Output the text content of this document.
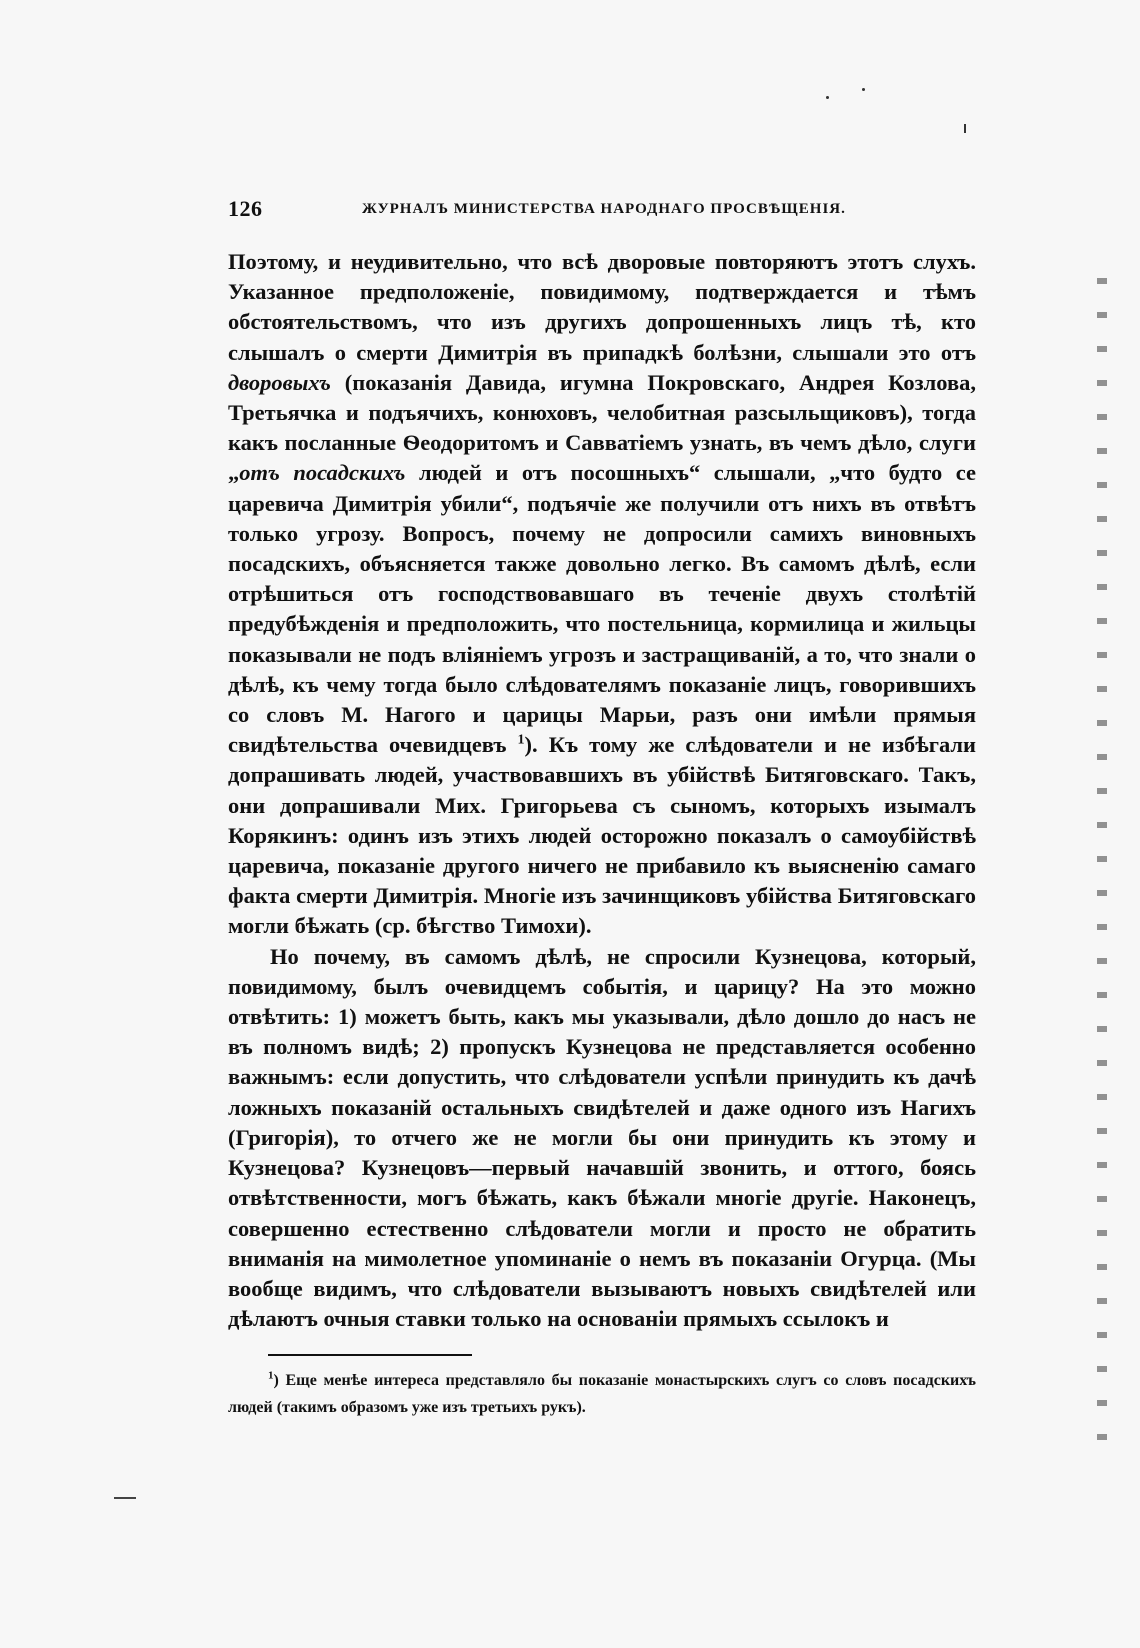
126	ЖУРНАЛЪ МИНИСТЕРСТВА НАРОДНАГО ПРОСВѢЩЕНІЯ.

Поэтому, и неудивительно, что всѣ дворовые повторяютъ этотъ слухъ. Указанное предположеніе, повидимому, подтверждается и тѣмъ обстоятельствомъ, что изъ другихъ допрошенныхъ лицъ тѣ, кто слышалъ о смерти Димитрія въ припадкѣ болѣзни, слышали это отъ дворовыхъ (показанія Давида, игумна Покровскаго, Андрея Козлова, Третьячка и подъячихъ, конюховъ, челобитная разсыльщиковъ), тогда какъ посланные Ѳеодоритомъ и Савватіемъ узнать, въ чемъ дѣло, слуги „отъ посадскихъ людей и отъ посошныхъ“ слышали, „что будто се царевича Димитрія убили“, подъячіе же получили отъ нихъ въ отвѣтъ только угрозу. Вопросъ, почему не допросили самихъ виновныхъ посадскихъ, объясняется также довольно легко. Въ самомъ дѣлѣ, если отрѣшиться отъ господствовавшаго въ теченіе двухъ столѣтій предубѣжденія и предположить, что постельница, кормилица и жильцы показывали не подъ вліяніемъ угрозъ и застращиваній, а то, что знали о дѣлѣ, къ чему тогда было слѣдователямъ показаніе лицъ, говорившихъ со словъ М. Нагого и царицы Марьи, разъ они имѣли прямыя свидѣтельства очевидцевъ $^1$). Къ тому же слѣдователи и не избѣгали допрашивать людей, участвовавшихъ въ убійствѣ Битяговскаго. Такъ, они допрашивали Мих. Григорьева съ сыномъ, которыхъ изымалъ Корякинъ: одинъ изъ этихъ людей осторожно показалъ о самоубійствѣ царевича, показаніе другого ничего не прибавило къ выясненію самаго факта смерти Димитрія. Многіе изъ зачинщиковъ убійства Битяговскаго могли бѣжать (ср. бѣгство Тимохи).

Но почему, въ самомъ дѣлѣ, не спросили Кузнецова, который, повидимому, былъ очевидцемъ событія, и царицу? На это можно отвѣтить: 1) можетъ быть, какъ мы указывали, дѣло дошло до насъ не въ полномъ видѣ; 2) пропускъ Кузнецова не представляется особенно важнымъ: если допустить, что слѣдователи успѣли принудить къ дачѣ ложныхъ показаній остальныхъ свидѣтелей и даже одного изъ Нагихъ (Григорія), то отчего же не могли бы они принудить къ этому и Кузнецова? Кузнецовъ—первый начавшій звонить, и оттого, боясь отвѣтственности, могъ бѣжать, какъ бѣжали многіе другіе. Наконецъ, совершенно естественно слѣдователи могли и просто не обратить вниманія на мимолетное упоминаніе о немъ въ показаніи Огурца. (Мы вообще видимъ, что слѣдователи вызываютъ новыхъ свидѣтелей или дѣлаютъ очныя ставки только на основаніи прямыхъ ссылокъ и

$^1$) Еще менѣе интереса представляло бы показаніе монастырскихъ слугъ со словъ посадскихъ людей (такимъ образомъ уже изъ третьихъ рукъ).
